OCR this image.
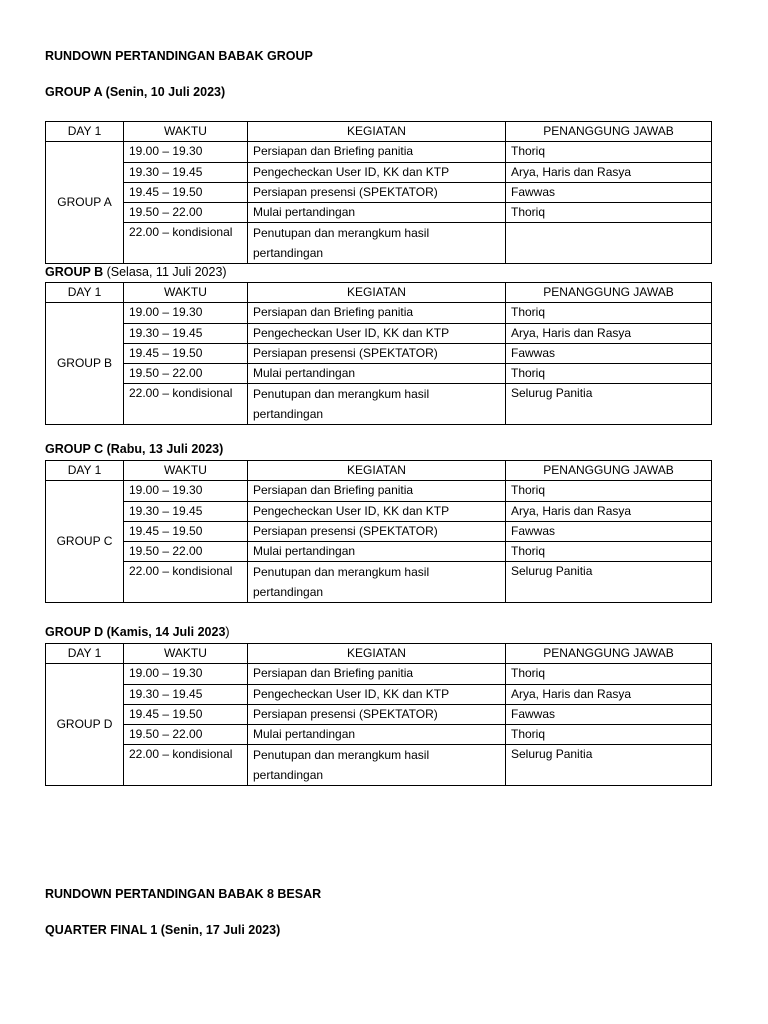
RUNDOWN PERTANDINGAN BABAK GROUP
GROUP A (Senin, 10 Juli 2023)
DAY 1	WAKTU	KEGIATAN	PENANGGUNG JAWAB
GROUP A	19.00 – 19.30	Persiapan dan Briefing panitia	Thoriq
	19.30 – 19.45	Pengecheckan User ID, KK dan KTP	Arya, Haris dan Rasya
	19.45 – 19.50	Persiapan presensi (SPEKTATOR)	Fawwas
	19.50 – 22.00	Mulai pertandingan	Thoriq
	22.00 – kondisional	Penutupan dan merangkum hasil pertandingan	
GROUP B (Selasa, 11 Juli 2023)
DAY 1	WAKTU	KEGIATAN	PENANGGUNG JAWAB
GROUP B	19.00 – 19.30	Persiapan dan Briefing panitia	Thoriq
	19.30 – 19.45	Pengecheckan User ID, KK dan KTP	Arya, Haris dan Rasya
	19.45 – 19.50	Persiapan presensi (SPEKTATOR)	Fawwas
	19.50 – 22.00	Mulai pertandingan	Thoriq
	22.00 – kondisional	Penutupan dan merangkum hasil pertandingan	Selurug Panitia
GROUP C (Rabu, 13 Juli 2023)
DAY 1	WAKTU	KEGIATAN	PENANGGUNG JAWAB
GROUP C	19.00 – 19.30	Persiapan dan Briefing panitia	Thoriq
	19.30 – 19.45	Pengecheckan User ID, KK dan KTP	Arya, Haris dan Rasya
	19.45 – 19.50	Persiapan presensi (SPEKTATOR)	Fawwas
	19.50 – 22.00	Mulai pertandingan	Thoriq
	22.00 – kondisional	Penutupan dan merangkum hasil pertandingan	Selurug Panitia
GROUP D (Kamis, 14 Juli 2023)
DAY 1	WAKTU	KEGIATAN	PENANGGUNG JAWAB
GROUP D	19.00 – 19.30	Persiapan dan Briefing panitia	Thoriq
	19.30 – 19.45	Pengecheckan User ID, KK dan KTP	Arya, Haris dan Rasya
	19.45 – 19.50	Persiapan presensi (SPEKTATOR)	Fawwas
	19.50 – 22.00	Mulai pertandingan	Thoriq
	22.00 – kondisional	Penutupan dan merangkum hasil pertandingan	Selurug Panitia
RUNDOWN PERTANDINGAN BABAK 8 BESAR
QUARTER FINAL 1 (Senin, 17 Juli 2023)
